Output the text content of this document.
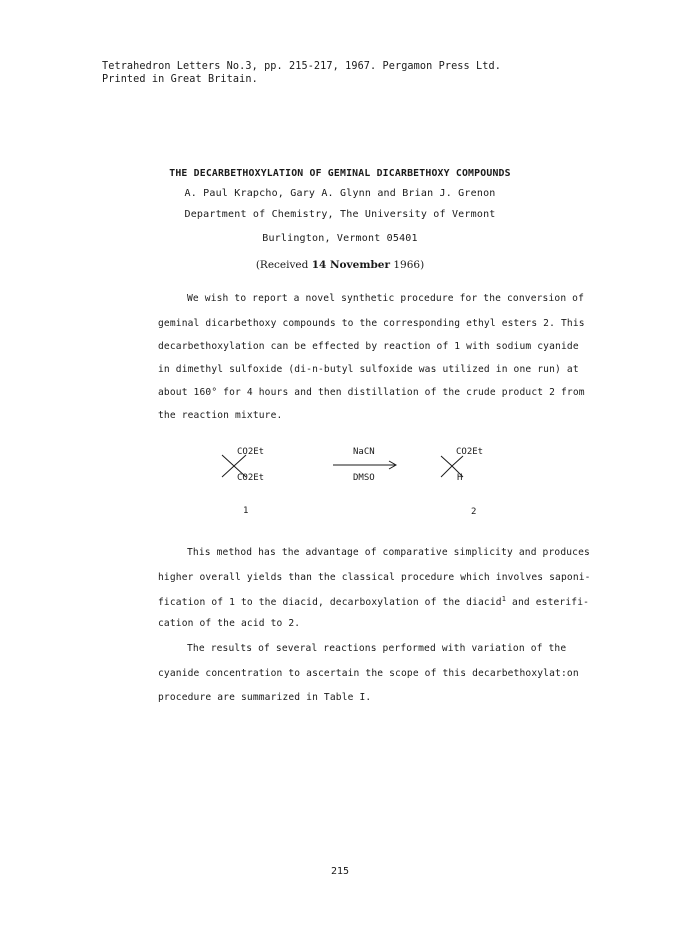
Tetrahedron Letters No.3, pp. 215-217, 1967. Pergamon Press Ltd.
Printed in Great Britain.
THE DECARBETHOXYLATION OF GEMINAL DICARBETHOXY COMPOUNDS
A. Paul Krapcho, Gary A. Glynn and Brian J. Grenon
Department of Chemistry, The University of Vermont
Burlington, Vermont 05401
(Received 14 November 1966)
We wish to report a novel synthetic procedure for the conversion of
geminal dicarbethoxy compounds to the corresponding ethyl esters 2. This
decarbethoxylation can be effected by reaction of 1 with sodium cyanide
in dimethyl sulfoxide (di-n-butyl sulfoxide was utilized in one run) at
about 160° for 4 hours and then distillation of the crude product 2 from
the reaction mixture.
CO2Et
CO2Et
NaCN
DMSO
CO2Et
H
1	2
This method has the advantage of comparative simplicity and produces
higher overall yields than the classical procedure which involves saponi-
fication of 1 to the diacid, decarboxylation of the diacid$^1$ and esterifi-
cation of the acid to 2.
The results of several reactions performed with variation of the
cyanide concentration to ascertain the scope of this decarbethoxylat:on
procedure are summarized in Table I.
215
